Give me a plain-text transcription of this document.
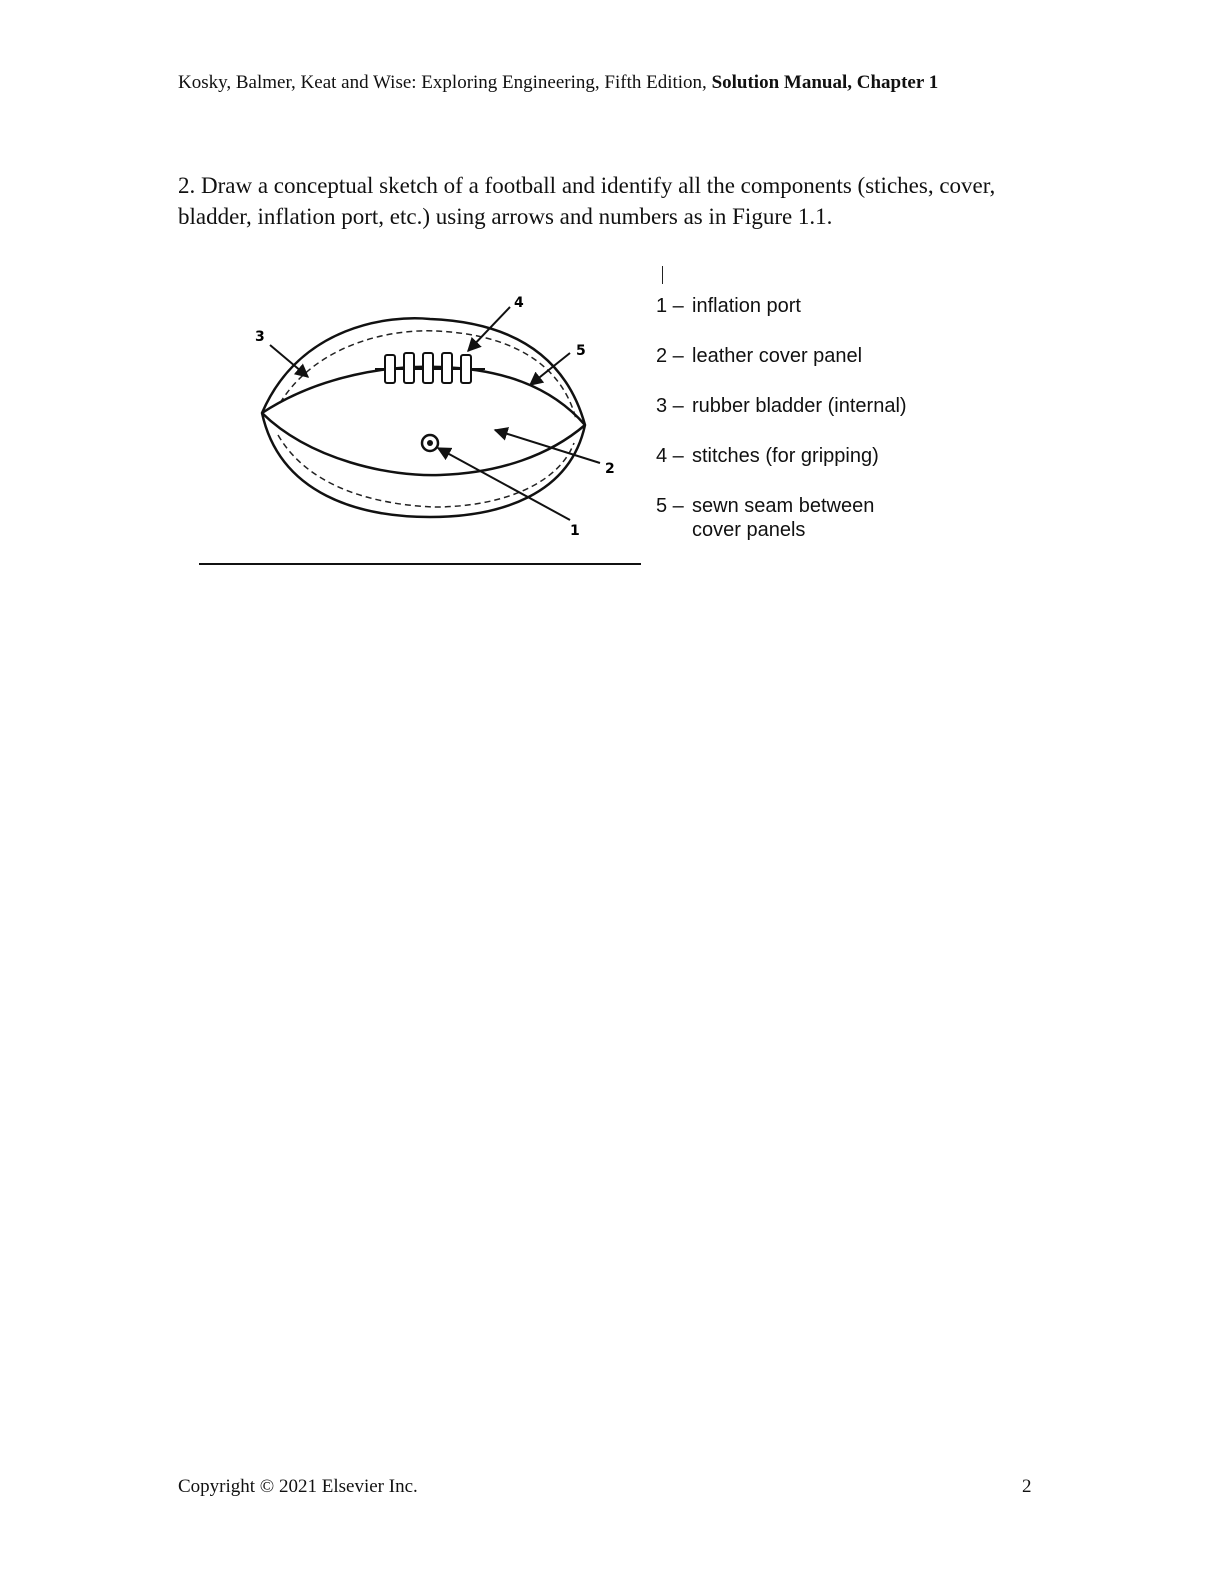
Kosky, Balmer, Keat and Wise: Exploring Engineering, Fifth Edition, Solution Manual, Chapter 1
2. Draw a conceptual sketch of a football and identify all the components (stiches, cover, bladder, inflation port, etc.) using arrows and numbers as in Figure 1.1.
1
2
3
4
5
1 – inflation port
2 – leather cover panel
3 – rubber bladder (internal)
4 – stitches (for gripping)
5 – sewn seam between
cover panels
Copyright © 2021 Elsevier Inc.	2
